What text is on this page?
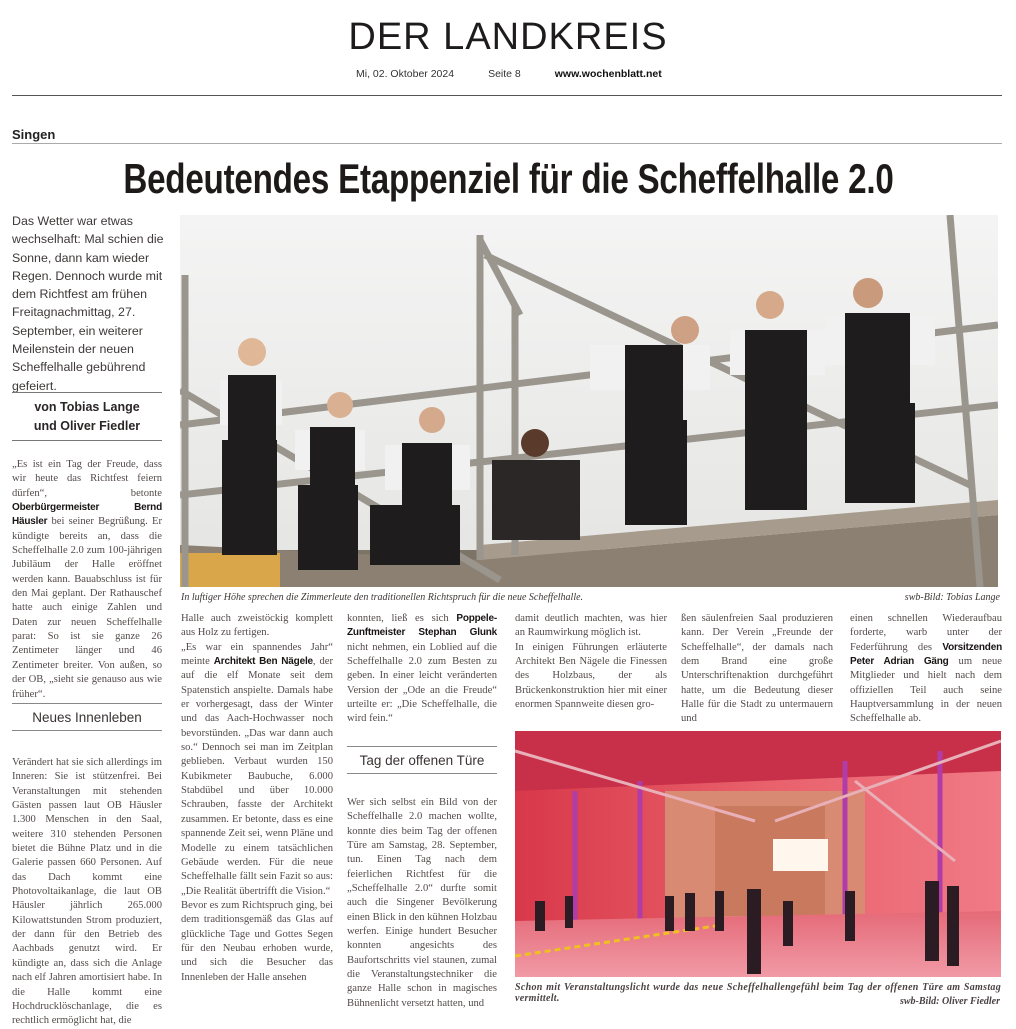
DER LANDKREIS
Mi, 02. Oktober 2024	Seite 8	www.wochenblatt.net
Singen
Bedeutendes Etappenziel für die Scheffelhalle 2.0
Das Wetter war etwas wechselhaft: Mal schien die Sonne, dann kam wieder Regen. Dennoch wurde mit dem Richtfest am frühen Freitagnachmittag, 27. September, ein weiterer Meilenstein der neuen Scheffelhalle gebührend gefeiert.
von Tobias Lange
und Oliver Fiedler

„Es ist ein Tag der Freude, dass wir heute das Richtfest feiern dürfen“, betonte Oberbürgermeister Bernd Häusler bei seiner Begrüßung. Er kündigte bereits an, dass die Scheffelhalle 2.0 zum 100-jährigen Jubiläum der Halle eröffnet werden kann. Bauabschluss ist für den Mai geplant. Der Rathauschef hatte auch einige Zahlen und Daten zur neuen Scheffelhalle parat: So ist sie ganze 26 Zentimeter länger und 46 Zentimeter breiter. Von außen, so der OB, „sieht sie genauso aus wie früher“.

Neues Innenleben

Verändert hat sie sich allerdings im Inneren: Sie ist stützenfrei. Bei Veranstaltungen mit stehenden Gästen passen laut OB Häusler 1.300 Menschen in den Saal, weitere 310 stehenden Personen bietet die Bühne Platz und in die Galerie passen 660 Personen. Auf das Dach kommt eine Photovoltaikanlage, die laut OB Häusler jährlich 265.000 Kilowattstunden Strom produziert, der dann für den Betrieb des Aachbads genutzt wird. Er kündigte an, dass sich die Anlage nach elf Jahren amortisiert habe. In die Halle kommt eine Hochdrucklöschanlage, die es rechtlich ermöglicht hat, die

In luftiger Höhe sprechen die Zimmerleute den traditionellen Richtspruch für die neue Scheffelhalle.	swb-Bild: Tobias Lange

Halle auch zweistöckig komplett aus Holz zu fertigen.

„Es war ein spannendes Jahr“ meinte Architekt Ben Nägele, der auf die elf Monate seit dem Spatenstich anspielte. Damals habe er vorhergesagt, dass der Winter und das Aach-Hochwasser noch bevorstünden. „Das war dann auch so.“ Dennoch sei man im Zeitplan geblieben. Verbaut wurden 150 Kubikmeter Baubuche, 6.000 Stabdübel und über 10.000 Schrauben, fasste der Architekt zusammen. Er betonte, dass es eine spannende Zeit sei, wenn Pläne und Modelle zu einem tatsächlichen Gebäude werden. Für die neue Scheffelhalle fällt sein Fazit so aus: „Die Realität übertrifft die Vision.“

Bevor es zum Richtspruch ging, bei dem traditionsgemäß das Glas auf glückliche Tage und Gottes Segen für den Neubau erhoben wurde, und sich die Besucher das Innenleben der Halle ansehen

konnten, ließ es sich Poppele-Zunftmeister Stephan Glunk nicht nehmen, ein Loblied auf die Scheffelhalle 2.0 zum Besten zu geben. In einer leicht veränderten Version der „Ode an die Freude“ urteilte er: „Die Scheffelhalle, die wird fein.“

Tag der offenen Türe

Wer sich selbst ein Bild von der Scheffelhalle 2.0 machen wollte, konnte dies beim Tag der offenen Türe am Samstag, 28. September, tun. Einen Tag nach dem feierlichen Richtfest für die „Scheffelhalle 2.0“ durfte somit auch die Singener Bevölkerung einen Blick in den kühnen Holzbau werfen. Einige hundert Besucher konnten angesichts des Baufortschritts viel staunen, zumal die Veranstaltungstechniker die ganze Halle schon in magisches Bühnenlicht versetzt hatten, und

damit deutlich machten, was hier an Raumwirkung möglich ist.

In einigen Führungen erläuterte Architekt Ben Nägele die Finessen des Holzbaus, der als Brückenkonstruktion hier mit einer enormen Spannweite diesen gro-

ßen säulenfreien Saal produzieren kann. Der Verein „Freunde der Scheffelhalle“, der damals nach dem Brand eine große Unterschriftenaktion durchgeführt hatte, um die Bedeutung dieser Halle für die Stadt zu untermauern und

einen schnellen Wiederaufbau forderte, warb unter der Federführung des Vorsitzenden Peter Adrian Gäng um neue Mitglieder und hielt nach dem offiziellen Teil auch seine Hauptversammlung in der neuen Scheffelhalle ab.

Schon mit Veranstaltungslicht wurde das neue Scheffelhallengefühl beim Tag der offenen Türe am Samstag vermittelt.	swb-Bild: Oliver Fiedler
